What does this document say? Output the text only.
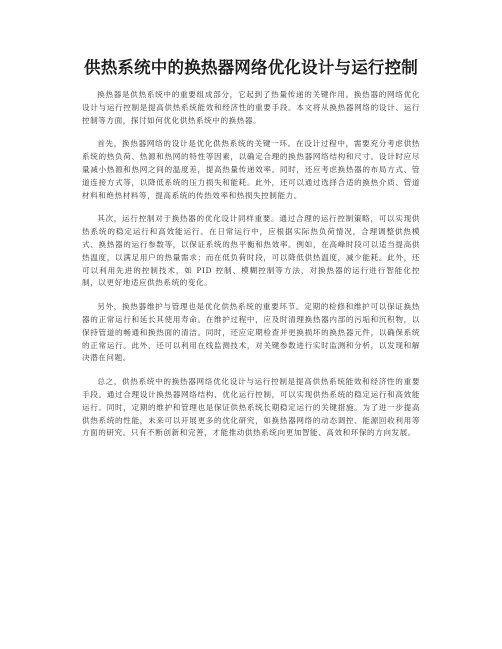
供热系统中的换热器网络优化设计与运行控制

换热器是供热系统中的重要组成部分，它起到了热量传递的关键作用。换热器的网络优化设计与运行控制是提高供热系统能效和经济性的重要手段。本文将从换热器网络的设计、运行控制等方面，探讨如何优化供热系统中的换热器。

首先，换热器网络的设计是优化供热系统的关键一环。在设计过程中，需要充分考虑供热系统的热负荷、热源和热网的特性等因素，以确定合理的换热器网络结构和尺寸。设计时应尽量减小热源和热网之间的温度差，提高热量传递效率。同时，还应考虑换热器的布局方式、管道连接方式等，以降低系统的压力损失和能耗。此外，还可以通过选择合适的换热介质、管道材料和绝热材料等，提高系统的传热效率和热损失控制能力。

其次，运行控制对于换热器的优化设计同样重要。通过合理的运行控制策略，可以实现供热系统的稳定运行和高效能运行。在日常运行中，应根据实际热负荷情况，合理调整供热模式、换热器的运行参数等，以保证系统的热平衡和热效率。例如，在高峰时段可以适当提高供热温度，以满足用户的热量需求；而在低负荷时段，可以降低供热温度，减少能耗。此外，还可以利用先进的控制技术，如 PID 控制、模糊控制等方法，对换热器的运行进行智能化控制，以更好地适应供热系统的变化。

另外，换热器维护与管理也是优化供热系统的重要环节。定期的检修和维护可以保证换热器的正常运行和延长其使用寿命。在维护过程中，应及时清理换热器内部的污垢和沉积物，以保持管道的畅通和换热面的清洁。同时，还应定期检查并更换损坏的换热器元件，以确保系统的正常运行。此外，还可以利用在线监测技术，对关键参数进行实时监测和分析，以发现和解决潜在问题。

总之，供热系统中的换热器网络优化设计与运行控制是提高供热系统能效和经济性的重要手段。通过合理设计换热器网络结构、优化运行控制，可以实现供热系统的稳定运行和高效能运行。同时，定期的维护和管理也是保证供热系统长期稳定运行的关键措施。为了进一步提高供热系统的性能，未来可以开展更多的优化研究，如换热器网络的动态调控、能源回收利用等方面的研究。只有不断创新和完善，才能推动供热系统向更加智能、高效和环保的方向发展。
